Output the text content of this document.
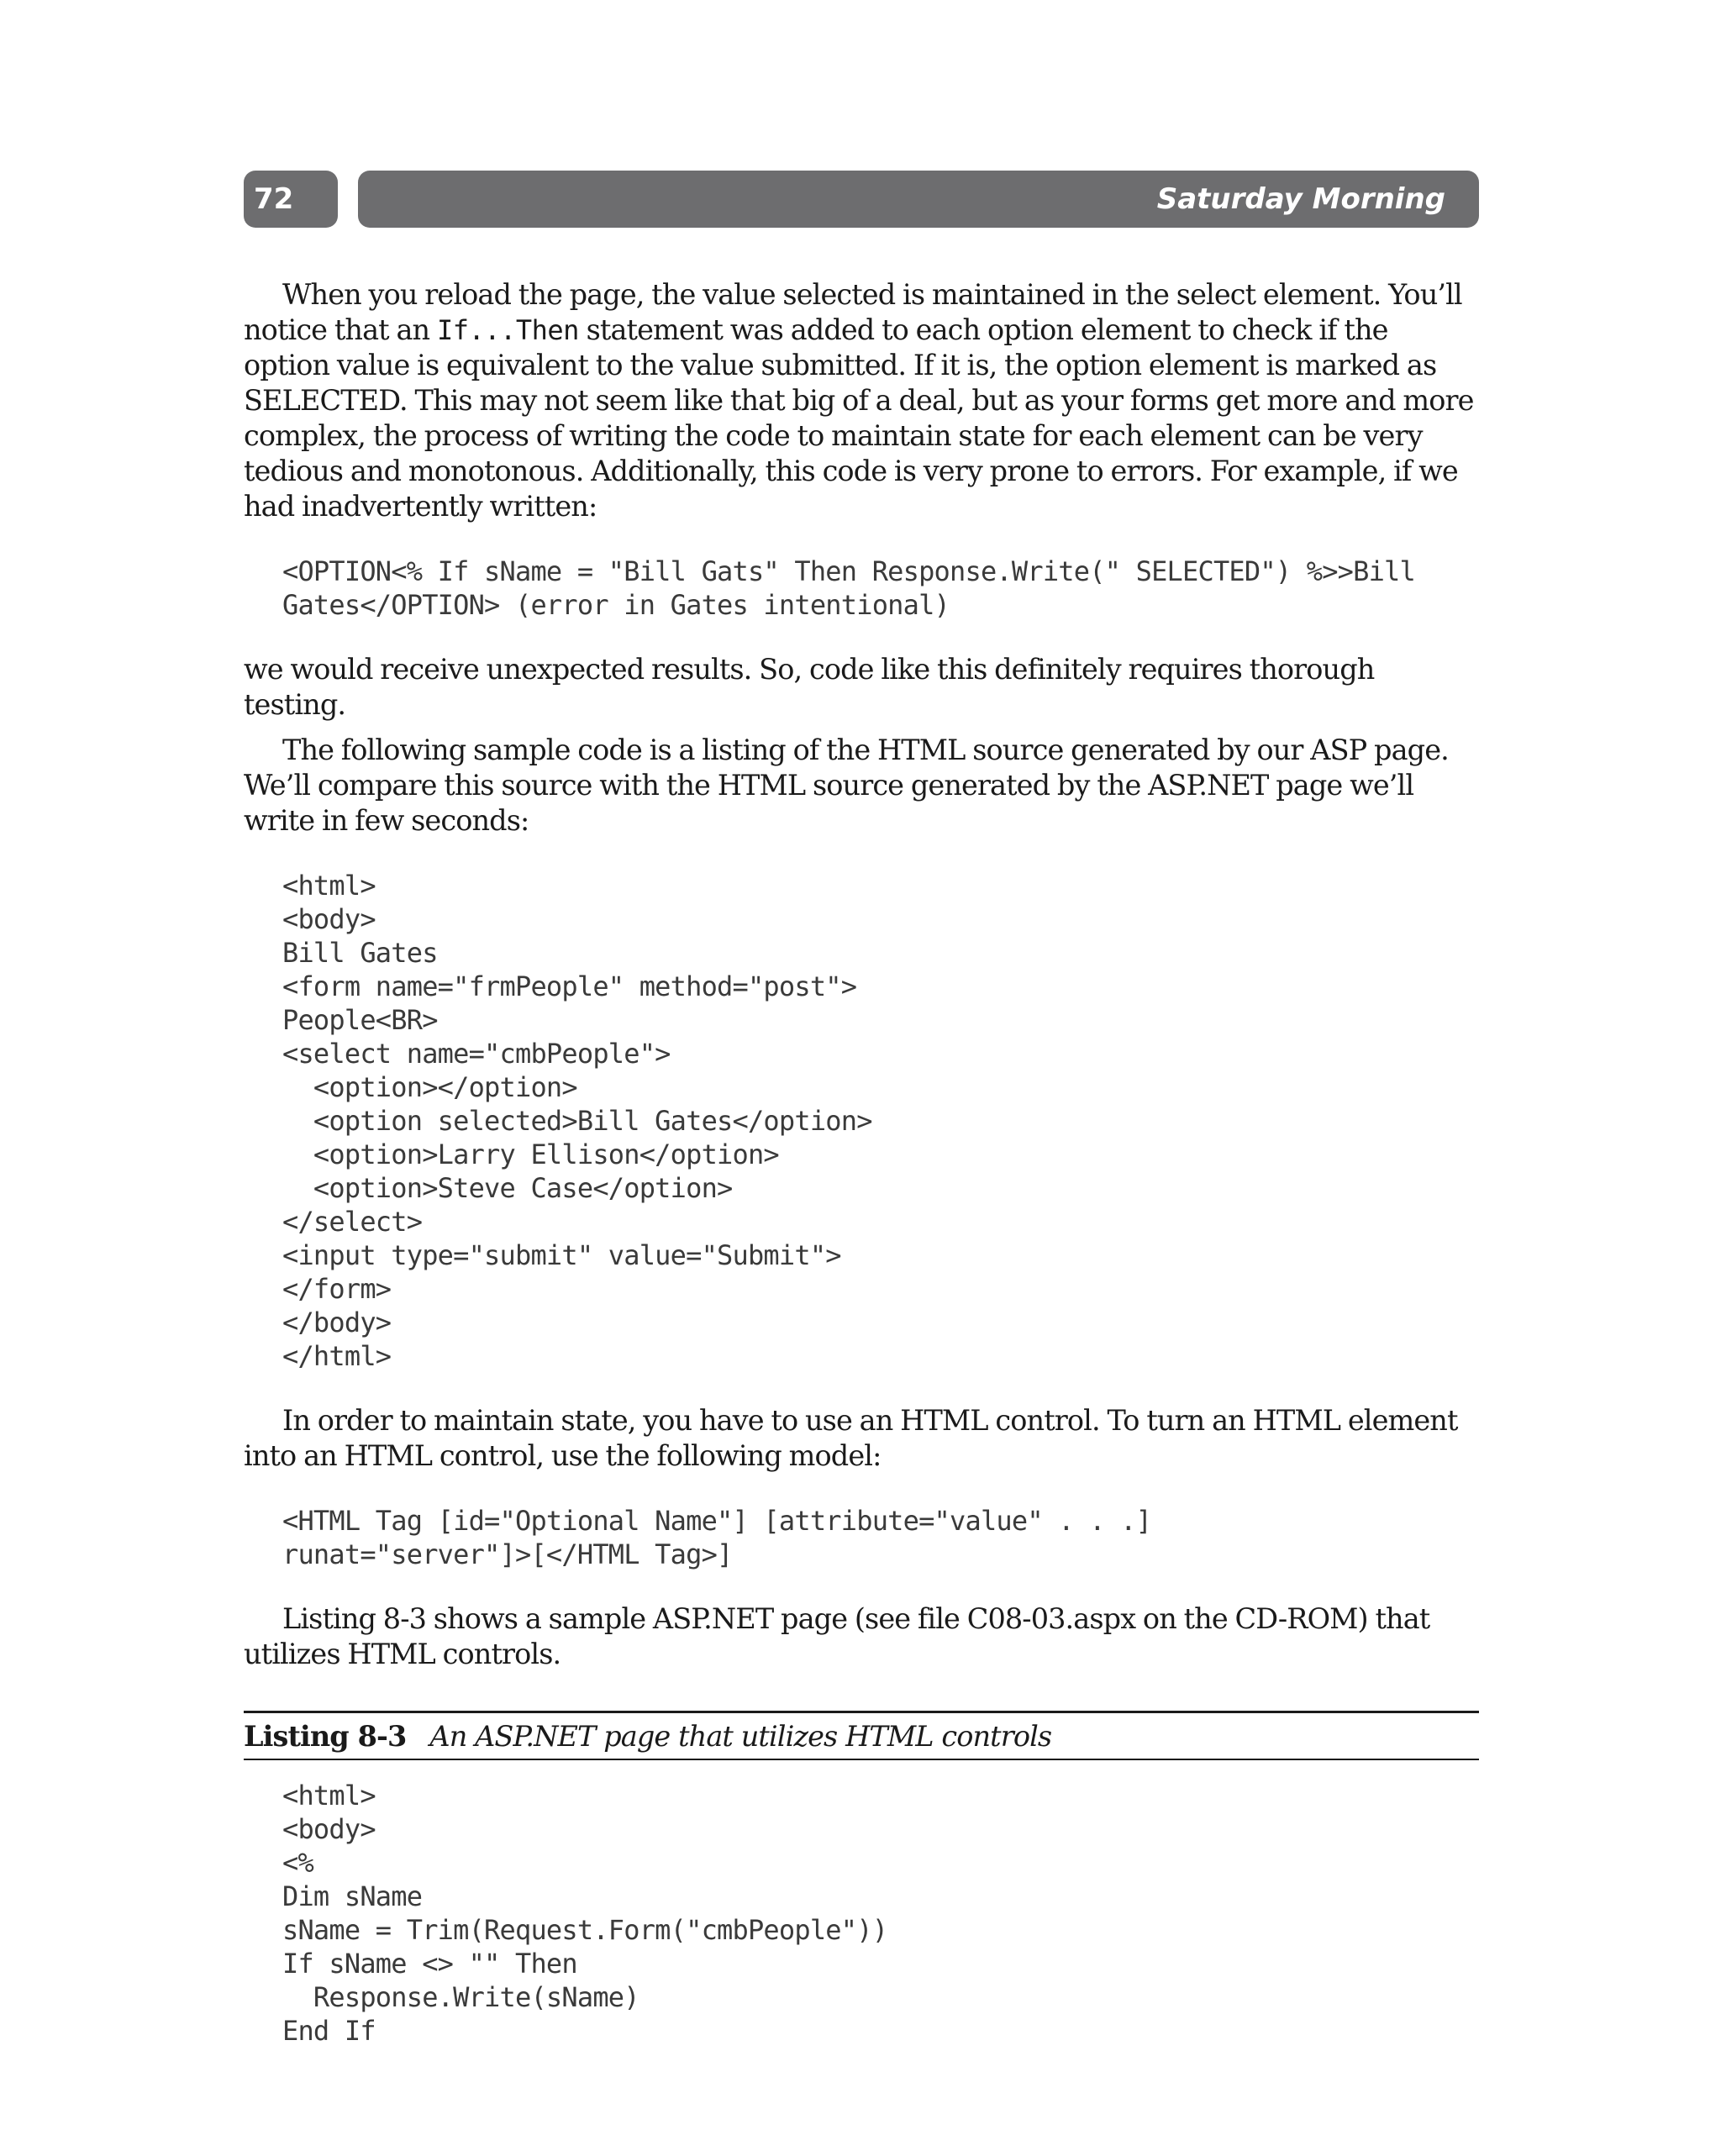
72	Saturday Morning

When you reload the page, the value selected is maintained in the select element. You’ll notice that an If...Then statement was added to each option element to check if the option value is equivalent to the value submitted. If it is, the option element is marked as SELECTED. This may not seem like that big of a deal, but as your forms get more and more complex, the process of writing the code to maintain state for each element can be very tedious and monotonous. Additionally, this code is very prone to errors. For example, if we had inadvertently written:

<OPTION<% If sName = "Bill Gats" Then Response.Write(" SELECTED") %>>Bill
Gates</OPTION> (error in Gates intentional)

we would receive unexpected results. So, code like this definitely requires thorough testing.

The following sample code is a listing of the HTML source generated by our ASP page. We’ll compare this source with the HTML source generated by the ASP.NET page we’ll write in few seconds:

<html>
<body>
Bill Gates
<form name="frmPeople" method="post">
People<BR>
<select name="cmbPeople">
<option></option>
<option selected>Bill Gates</option>
<option>Larry Ellison</option>
<option>Steve Case</option>
</select>
<input type="submit" value="Submit">
</form>
</body>
</html>

In order to maintain state, you have to use an HTML control. To turn an HTML element into an HTML control, use the following model:

<HTML Tag [id="Optional Name"] [attribute="value" . . .]
runat="server"]>[</HTML Tag>]

Listing 8-3 shows a sample ASP.NET page (see file C08-03.aspx on the CD-ROM) that utilizes HTML controls.

Listing 8-3 An ASP.NET page that utilizes HTML controls
<html>
<body>
<%
Dim sName
sName = Trim(Request.Form("cmbPeople"))
If sName <> "" Then
Response.Write(sName)
End If
